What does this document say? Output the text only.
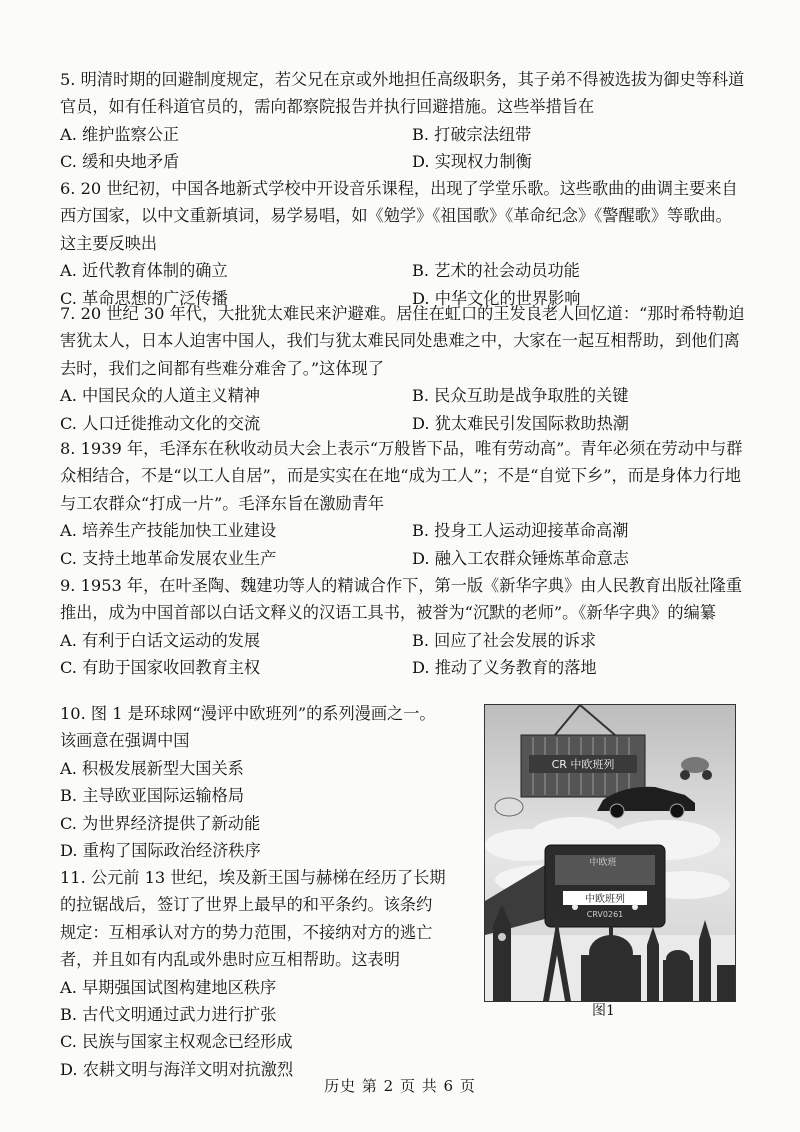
5. 明清时期的回避制度规定，若父兄在京或外地担任高级职务，其子弟不得被选拔为御史等科道官员，如有任科道官员的，需向都察院报告并执行回避措施。这些举措旨在

A. 维护监察公正	B. 打破宗法纽带
C. 缓和央地矛盾	D. 实现权力制衡

6. 20 世纪初，中国各地新式学校中开设音乐课程，出现了学堂乐歌。这些歌曲的曲调主要来自西方国家，以中文重新填词，易学易唱，如《勉学》《祖国歌》《革命纪念》《警醒歌》等歌曲。这主要反映出

A. 近代教育体制的确立	B. 艺术的社会动员功能
C. 革命思想的广泛传播	D. 中华文化的世界影响

7. 20 世纪 30 年代，大批犹太难民来沪避难。居住在虹口的王发良老人回忆道：“那时希特勒迫害犹太人，日本人迫害中国人，我们与犹太难民同处患难之中，大家在一起互相帮助，到他们离去时，我们之间都有些难分难舍了。”这体现了

A. 中国民众的人道主义精神	B. 民众互助是战争取胜的关键
C. 人口迁徙推动文化的交流	D. 犹太难民引发国际救助热潮

8. 1939 年，毛泽东在秋收动员大会上表示“万般皆下品，唯有劳动高”。青年必须在劳动中与群众相结合，不是“以工人自居”，而是实实在在地“成为工人”；不是“自觉下乡”，而是身体力行地与工农群众“打成一片”。毛泽东旨在激励青年

A. 培养生产技能加快工业建设	B. 投身工人运动迎接革命高潮
C. 支持土地革命发展农业生产	D. 融入工农群众锤炼革命意志

9. 1953 年，在叶圣陶、魏建功等人的精诚合作下，第一版《新华字典》由人民教育出版社隆重推出，成为中国首部以白话文释义的汉语工具书，被誉为“沉默的老师”。《新华字典》的编纂

A. 有利于白话文运动的发展	B. 回应了社会发展的诉求
C. 有助于国家收回教育主权	D. 推动了义务教育的落地

10. 图 1 是环球网“漫评中欧班列”的系列漫画之一。

该画意在强调中国

A. 积极发展新型大国关系
B. 主导欧亚国际运输格局
C. 为世界经济提供了新动能
D. 重构了国际政治经济秩序

11. 公元前 13 世纪，埃及新王国与赫梯在经历了长期

的拉锯战后，签订了世界上最早的和平条约。该条约

规定：互相承认对方的势力范围，不接纳对方的逃亡

者，并且如有内乱或外患时应互相帮助。这表明

A. 早期强国试图构建地区秩序
B. 古代文明通过武力进行扩张
C. 民族与国家主权观念已经形成
D. 农耕文明与海洋文明对抗激烈
CR 中欧班列
中欧班
中欧班列
CRV0261
图1
历史 第 2 页 共 6 页
